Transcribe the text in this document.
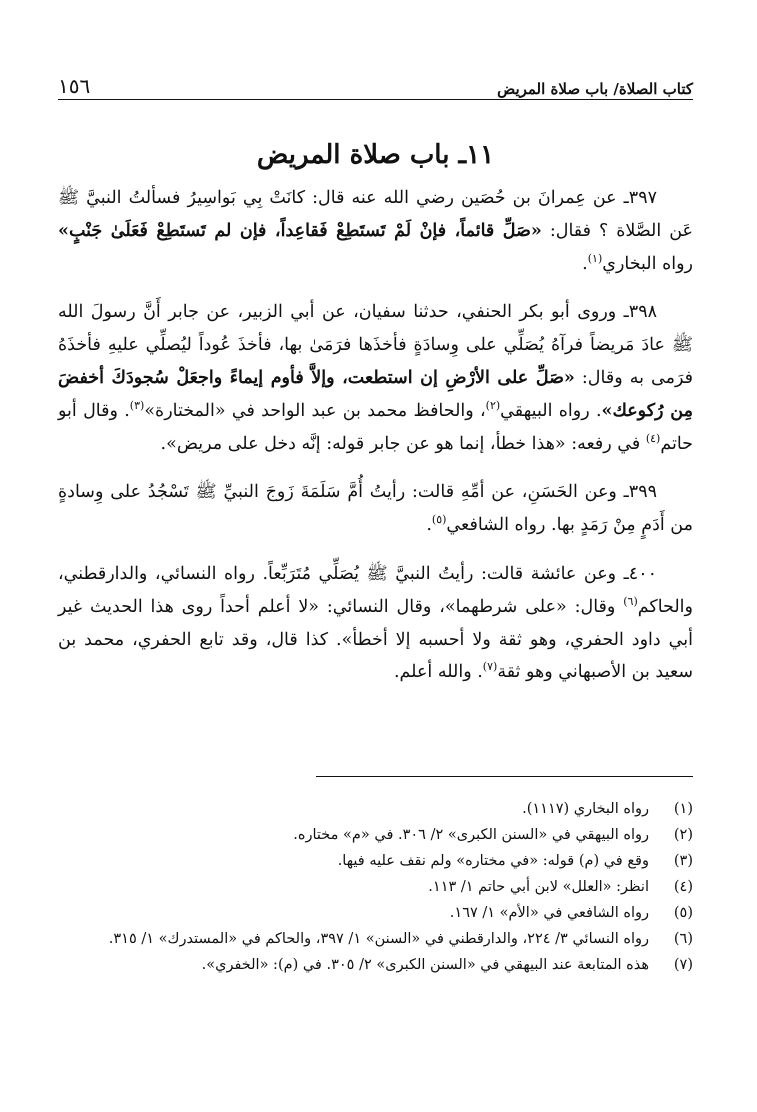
كتاب الصلاة/ باب صلاة المريض
١٥٦
١١ـ باب صلاة المريض

٣٩٧ـ عن عِمرانَ بن حُصَين رضي الله عنه قال: كانَتْ بِي بَواسِيرُ فسألتُ النبيَّ ﷺ عَن الصَّلاة ؟ فقال: «صَلِّ قائماً، فإنْ لَمْ تَستَطِعْ فَقاعِداً، فإن لم تَستَطِعْ فَعَلَىٰ جَنْبٍ» رواه البخاري$^{(١)}$.

٣٩٨ـ وروى أبو بكر الحنفي، حدثنا سفيان، عن أبي الزبير، عن جابر أَنَّ رسولَ الله ﷺ عادَ مَريضاً فرآهُ يُصَلِّي على وِسادَةٍ فأخذَها فرَمَىٰ بها، فأخذَ عُوداً ليُصلِّي عليهِ فأخذَهُ فرَمى به وقال: «صَلِّ على الأرْضِ إن استطعت، وإلاَّ فأوم إيماءً واجعَلْ سُجودَكَ أخفضَ مِن رُكوعك». رواه البيهقي$^{(٢)}$، والحافظ محمد بن عبد الواحد في «المختارة»$^{(٣)}$. وقال أبو حاتم$^{(٤)}$ في رفعه: «هذا خطأ، إنما هو عن جابر قوله: إنَّه دخل على مريض».

٣٩٩ـ وعن الحَسَنِ، عن أمِّهِ قالت: رأيتُ أُمَّ سَلَمَةَ زَوجَ النبيِّ ﷺ تَسْجُدُ على وِسادةٍ من أَدَمٍ مِنْ رَمَدٍ بها. رواه الشافعي$^{(٥)}$.

٤٠٠ـ وعن عائشة قالت: رأيتُ النبيَّ ﷺ يُصَلِّي مُتَرَبِّعاً. رواه النسائي، والدارقطني، والحاكم$^{(٦)}$ وقال: «على شرطهما»، وقال النسائي: «لا أعلم أحداً روى هذا الحديث غير أبي داود الحفري، وهو ثقة ولا أحسبه إلا أخطأ». كذا قال، وقد تابع الحفري، محمد بن سعيد بن الأصبهاني وهو ثقة$^{(٧)}$. والله أعلم.

(١)
رواه البخاري (١١١٧).
(٢)
رواه البيهقي في «السنن الكبرى» ٢/ ٣٠٦. في «م» مختاره.
(٣)
وقع في (م) قوله: «في مختاره» ولم نقف عليه فيها.
(٤)
انظر: «العلل» لابن أبي حاتم ١/ ١١٣.
(٥)
رواه الشافعي في «الأم» ١/ ١٦٧.
(٦)
رواه النسائي ٣/ ٢٢٤، والدارقطني في «السنن» ١/ ٣٩٧، والحاكم في «المستدرك» ١/ ٣١٥.
(٧)
هذه المتابعة عند البيهقي في «السنن الكبرى» ٢/ ٣٠٥. في (م): «الخفري».
